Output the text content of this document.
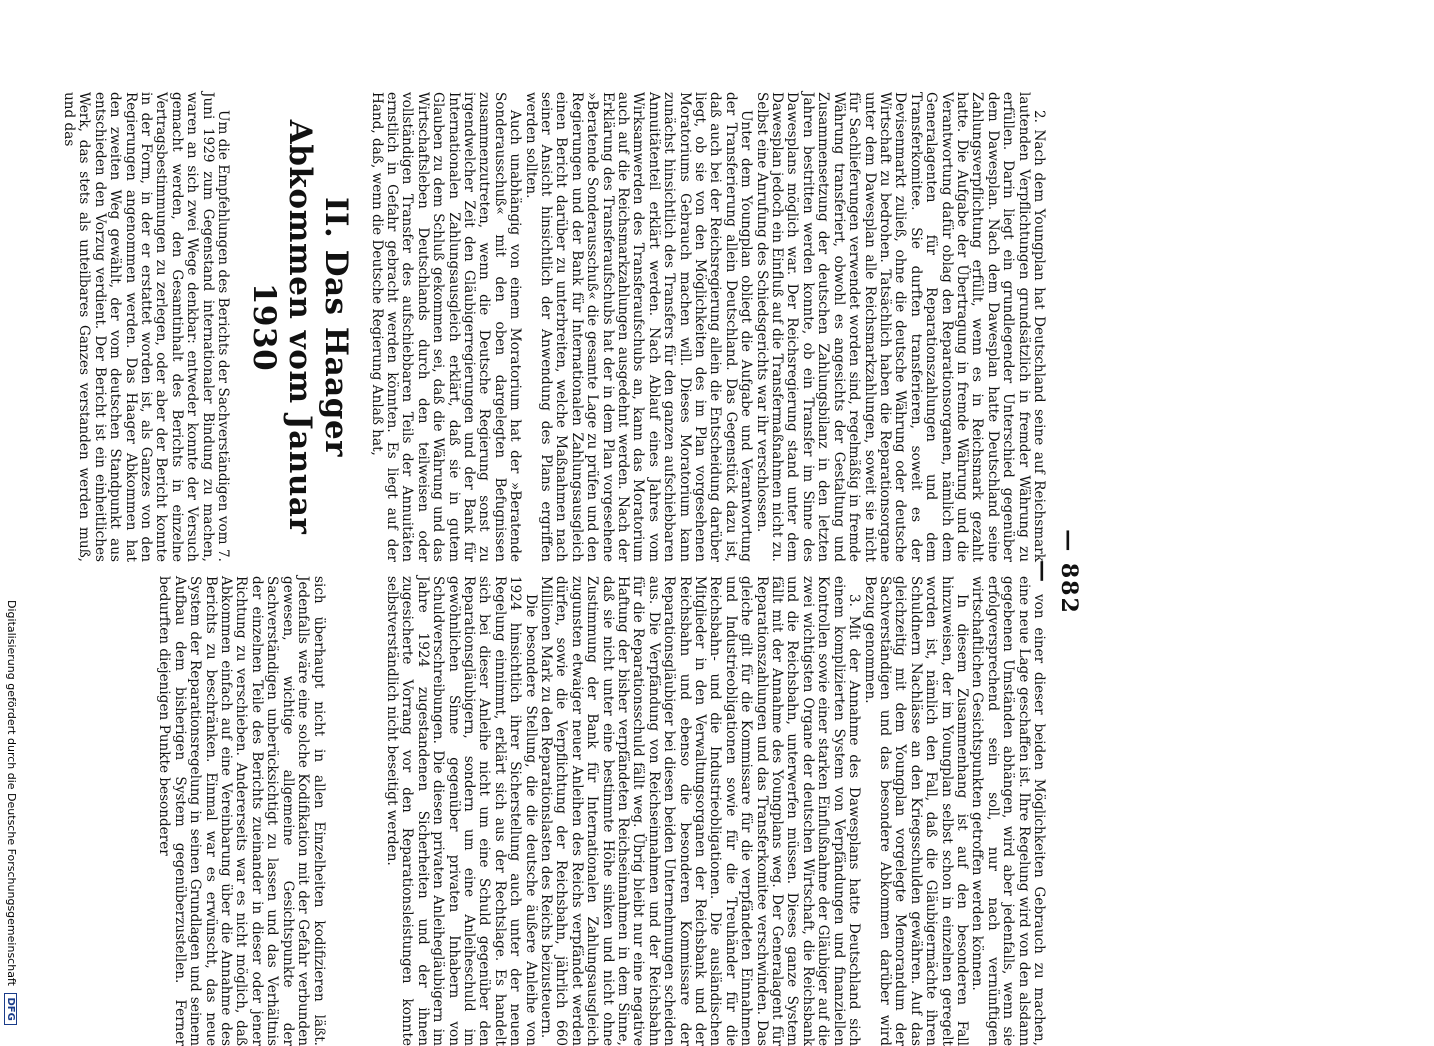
— 882 —

von einer dieser beiden Möglichkeiten Gebrauch zu machen, eine neue Lage geschaffen ist. Ihre Regelung wird von den alsdann gegebenen Umständen abhängen, wird aber jedenfalls, wenn sie erfolgversprechend sein soll, nur nach vernünftigen wirtschaftlichen Gesichtspunkten getroffen werden können.

In diesem Zusammenhang ist auf den besonderen Fall hinzuweisen, der im Youngplan selbst schon in einzelnen geregelt worden ist, nämlich den Fall, daß die Gläubigermächte ihren Schuldnern Nachlässe an den Kriegsschulden gewähren. Auf das gleichzeitig mit dem Youngplan vorgelegte Memorandum der Sachverständigen und das besondere Abkommen darüber wird Bezug genommen.

3. Mit der Annahme des Dawesplans hatte Deutschland sich einem komplizierten System von Verpfändungen und finanziellen Kontrollen sowie einer starken Einflußnahme der Gläubiger auf die zwei wichtigsten Organe der deutschen Wirtschaft, die Reichsbank und die Reichsbahn, unterwerfen müssen. Dieses ganze System fällt mit der Annahme des Youngplans weg. Der Generalagent für Reparationszahlungen und das Transferkomitee verschwinden. Das gleiche gilt für die Kommissare für die verpfändeten Einnahmen und Industrieobligationen sowie für die Treuhänder für die Reichsbahn- und die Industrieobligationen. Die ausländischen Mitglieder in den Verwaltungsorganen der Reichsbank und der Reichsbahn und ebenso die besonderen Kommissare der Reparationsgläubiger bei diesen beiden Unternehmungen scheiden aus. Die Verpfändung von Reichseinnahmen und der Reichsbahn für die Reparationsschuld fällt weg. Übrig bleibt nur eine negative Haftung der bisher verpfändeten Reichseinnahmen in dem Sinne, daß sie nicht unter eine bestimmte Höhe sinken und nicht ohne Zustimmung der Bank für Internationalen Zahlungsausgleich zugunsten etwaiger neuer Anleihen des Reichs verpfändet werden dürfen, sowie die Verpflichtung der Reichsbahn, jährlich 660 Millionen Mark zu den Reparationslasten des Reichs beizusteuern.

Die besondere Stellung, die die deutsche äußere Anleihe von 1924 hinsichtlich ihrer Sicherstellung auch unter der neuen Regelung einnimmt, erklärt sich aus der Rechtslage. Es handelt sich bei dieser Anleihe nicht um eine Schuld gegenüber den Reparationsgläubigern, sondern um eine Anleiheschuld im gewöhnlichen Sinne gegenüber privaten Inhabern von Schuldverschreibungen. Die diesen privaten Anleihegläubigern im Jahre 1924 zugestandenen Sicherheiten und der ihnen zugesicherte Vorrang vor den Reparationsleistungen konnte selbstverständlich nicht beseitigt werden.

sich überhaupt nicht in allen Einzelheiten kodifizieren läßt. Jedenfalls wäre eine solche Kodifikation mit der Gefahr verbunden gewesen, wichtige allgemeine Gesichtspunkte der Sachverständigen unberücksichtigt zu lassen und das Verhältnis der einzelnen Teile des Berichts zueinander in dieser oder jener Richtung zu verschieben. Andererseits war es nicht möglich, daß Abkommen einfach auf eine Vereinbarung über die Annahme des Berichts zu beschränken. Einmal war es erwünscht, das neue System der Reparationsregelung in seinen Grundlagen und seinem Aufbau dem bisherigen System gegenüberzustellen. Ferner bedurften diejenigen Punkte besonderer

2. Nach dem Youngplan hat Deutschland seine auf Reichsmark lautenden Verpflichtungen grundsätzlich in fremder Währung zu erfüllen. Darin liegt ein grundlegender Unterschied gegenüber dem Dawesplan. Nach dem Dawesplan hatte Deutschland seine Zahlungsverpflichtung erfüllt, wenn es in Reichsmark gezahlt hatte. Die Aufgabe der Übertragung in fremde Währung und die Verantwortung dafür oblag den Reparationsorganen, nämlich dem Generalagenten für Reparationszahlungen und dem Transferkomitee. Sie durften transferieren, soweit es der Devisenmarkt zuließ, ohne die deutsche Währung oder deutsche Wirtschaft zu bedrohen. Tatsächlich haben die Reparationsorgane unter dem Dawesplan alle Reichsmarkzahlungen, soweit sie nicht für Sachlieferungen verwendet worden sind, regelmäßig in fremde Währung transferiert, obwohl es angesichts der Gestaltung und Zusammensetzung der deutschen Zahlungsbilanz in den letzten Jahren bestritten werden konnte, ob ein Transfer im Sinne des Dawesplans möglich war. Der Reichsregierung stand unter dem Dawesplan jedoch ein Einfluß auf die Transfermaßnahmen nicht zu. Selbst eine Anrufung des Schiedsgerichts war ihr verschlossen.

Unter dem Youngplan obliegt die Aufgabe und Verantwortung der Transferierung allein Deutschland. Das Gegenstück dazu ist, daß auch bei der Reichsregierung allein die Entscheidung darüber liegt, ob sie von den Möglichkeiten des im Plan vorgesehenen Moratoriums Gebrauch machen will. Dieses Moratorium kann zunächst hinsichtlich des Transfers für den ganzen aufschiebbaren Annuitätenteil erklärt werden. Nach Ablauf eines Jahres vom Wirksamwerden des Transferaufschubs an, kann das Moratorium auch auf die Reichsmarkzahlungen ausgedehnt werden. Nach der Erklärung des Transferaufschubs hat der in dem Plan vorgesehene »Beratende Sonderausschuß« die gesamte Lage zu prüfen und den Regierungen und der Bank für Internationalen Zahlungsausgleich einen Bericht darüber zu unterbreiten, welche Maßnahmen nach seiner Ansicht hinsichtlich der Anwendung des Plans ergriffen werden sollten.

Auch unabhängig von einem Moratorium hat der »Beratende Sonderausschuß« mit den oben dargelegten Befugnissen zusammenzutreten, wenn die Deutsche Regierung sonst zu irgendwelcher Zeit den Gläubigerregierungen und der Bank für Internationalen Zahlungsausgleich erklärt, daß sie in gutem Glauben zu dem Schluß gekommen sei, daß die Währung und das Wirtschaftsleben Deutschlands durch den teilweisen oder vollständigen Transfer des aufschiebbaren Teils der Annuitäten ernstlich in Gefahr gebracht werden könnten. Es liegt auf der Hand, daß, wenn die Deutsche Regierung Anlaß hat,

II. Das Haager Abkommen vom Januar 1930

Um die Empfehlungen des Berichts der Sachverständigen vom 7. Juni 1929 zum Gegenstand internationaler Bindung zu machen, waren an sich zwei Wege denkbar: entweder konnte der Versuch gemacht werden, den Gesamtinhalt des Berichts in einzelne Vertragsbestimmungen zu zerlegen, oder aber der Bericht konnte in der Form, in der er erstattet worden ist, als Ganzes von den Regierungen angenommen werden. Das Haager Abkommen hat den zweiten Weg gewählt, der vom deutschen Standpunkt aus entschieden den Vorzug verdient. Der Bericht ist ein einheitliches Werk, das stets als unteilbares Ganzes verstanden werden muß, und das

Digitalisierung gefördert durch die Deutsche Forschungsgemeinschaft DFG
